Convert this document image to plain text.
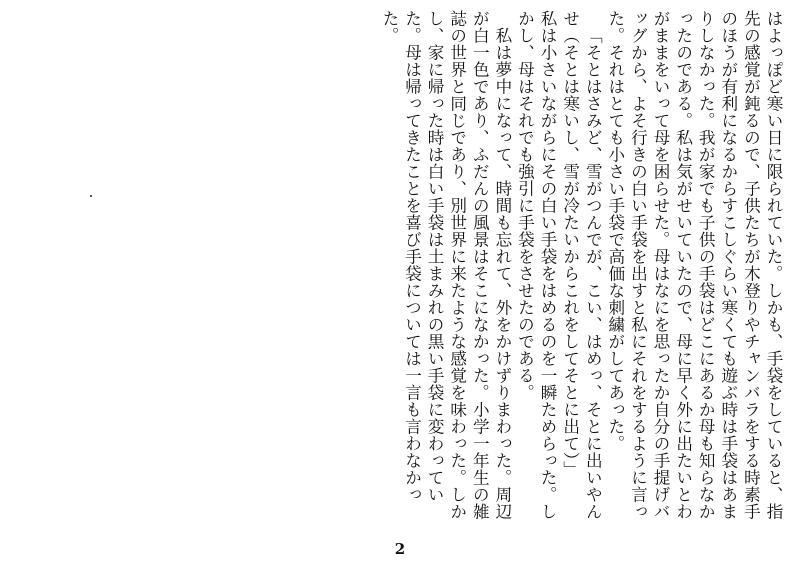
はよっぽど寒い日に限られていた。しかも、手袋をしていると、指先の感覚が鈍るので、子供たちが木登りやチャンバラをする時素手のほうが有利になるからすこしぐらい寒くても遊ぶ時は手袋はあまりしなかった。我が家でも子供の手袋はどこにあるか母も知らなかったのである。私は気がせいていたので、母に早く外に出たいとわがままをいって母を困らせた。母はなにを思ったか自分の手提げバッグから、よそ行きの白い手袋を出すと私にそれをするように言った。それはとても小さい手袋で高価な刺繍がしてあった。

「そとはさみど、雪がつんでが、こい、はめっ、そとに出いやんせ（そとは寒いし、雪が冷たいからこれをしてそとに出て）」

私は小さいながらにその白い手袋をはめるのを一瞬ためらった。しかし、母はそれでも強引に手袋をさせたのである。

私は夢中になって、時間も忘れて、外をかけずりまわった。周辺が白一色であり、ふだんの風景はそこになかった。小学一年生の雑誌の世界と同じであり、別世界に来たような感覚を味わった。しかし、家に帰った時は白い手袋は土まみれの黒い手袋に変わっていた。母は帰ってきたことを喜び手袋については一言も言わなかった。

2
